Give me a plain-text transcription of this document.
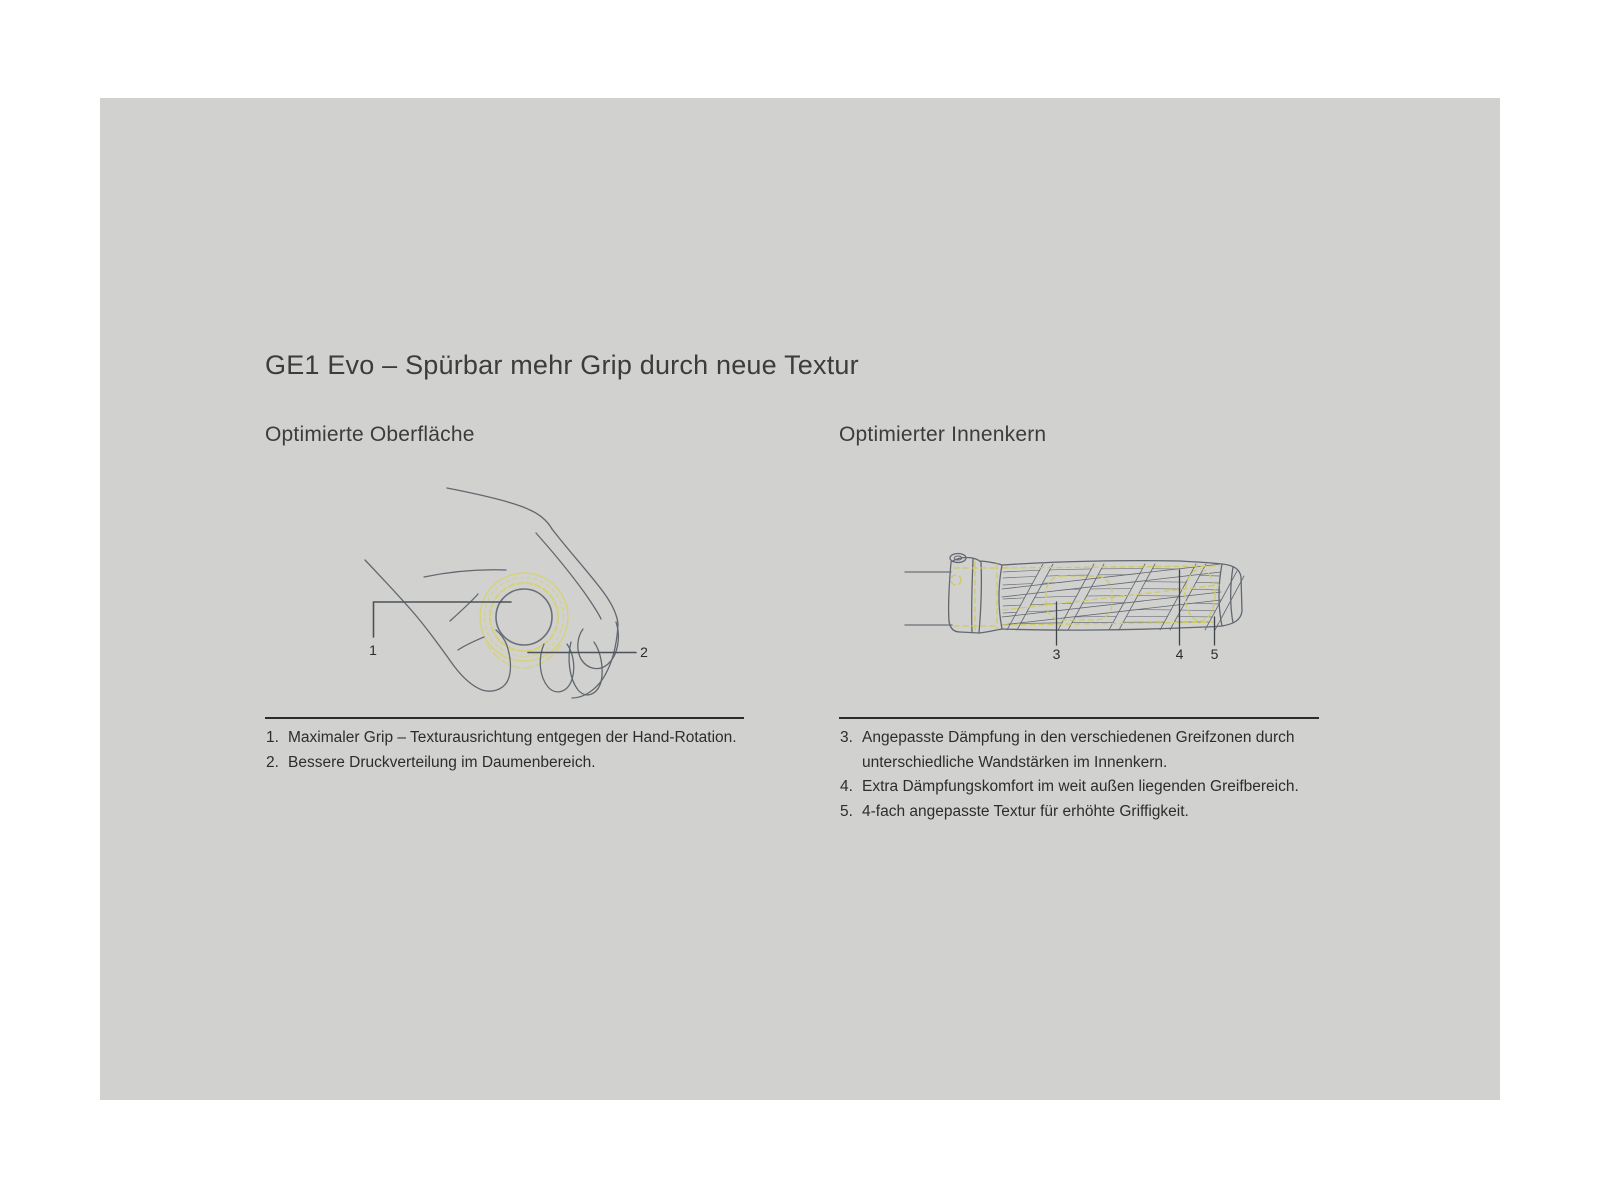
GE1 Evo – Spürbar mehr Grip durch neue Textur
Optimierte Oberfläche	Optimierter Innenkern
1	2	3	4 5
1. Maximaler Grip – Texturausrichtung entgegen der Hand-Rotation.
2. Bessere Druckverteilung im Daumenbereich.
3. Angepasste Dämpfung in den verschiedenen Greifzonen durch unterschiedliche Wandstärken im Innenkern.
4. Extra Dämpfungskomfort im weit außen liegenden Greifbereich.
5. 4-fach angepasste Textur für erhöhte Griffigkeit.
